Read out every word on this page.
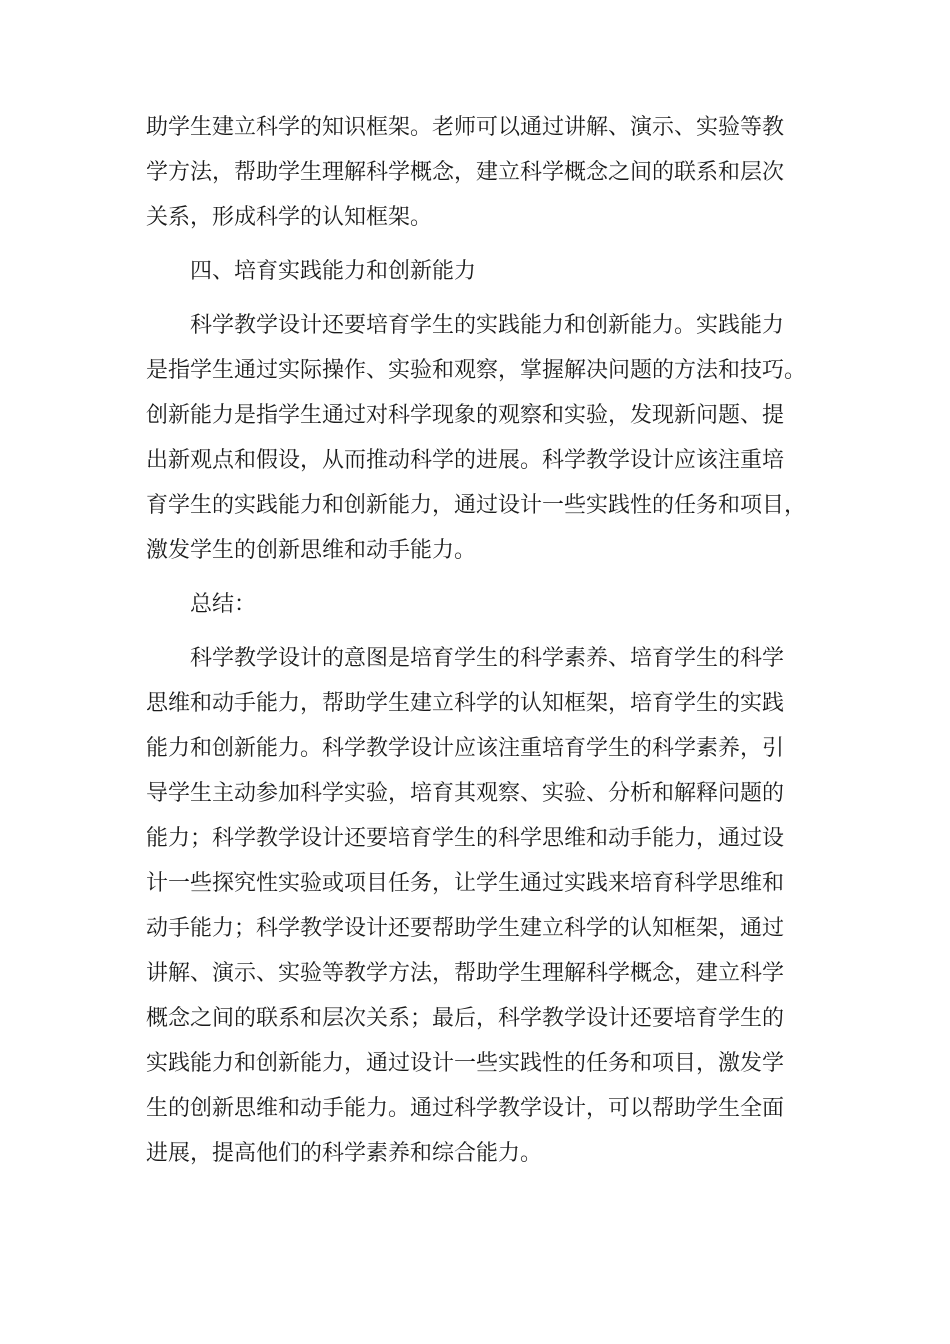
助学生建立科学的知识框架。老师可以通过讲解、演示、实验等教
学方法，帮助学生理解科学概念，建立科学概念之间的联系和层次
关系，形成科学的认知框架。
四、培育实践能力和创新能力
科学教学设计还要培育学生的实践能力和创新能力。实践能力
是指学生通过实际操作、实验和观察，掌握解决问题的方法和技巧。
创新能力是指学生通过对科学现象的观察和实验，发现新问题、提
出新观点和假设，从而推动科学的进展。科学教学设计应该注重培
育学生的实践能力和创新能力，通过设计一些实践性的任务和项目，
激发学生的创新思维和动手能力。
总结：
科学教学设计的意图是培育学生的科学素养、培育学生的科学
思维和动手能力，帮助学生建立科学的认知框架，培育学生的实践
能力和创新能力。科学教学设计应该注重培育学生的科学素养，引
导学生主动参加科学实验，培育其观察、实验、分析和解释问题的
能力；科学教学设计还要培育学生的科学思维和动手能力，通过设
计一些探究性实验或项目任务，让学生通过实践来培育科学思维和
动手能力；科学教学设计还要帮助学生建立科学的认知框架，通过
讲解、演示、实验等教学方法，帮助学生理解科学概念，建立科学
概念之间的联系和层次关系；最后，科学教学设计还要培育学生的
实践能力和创新能力，通过设计一些实践性的任务和项目，激发学
生的创新思维和动手能力。通过科学教学设计，可以帮助学生全面
进展，提高他们的科学素养和综合能力。
